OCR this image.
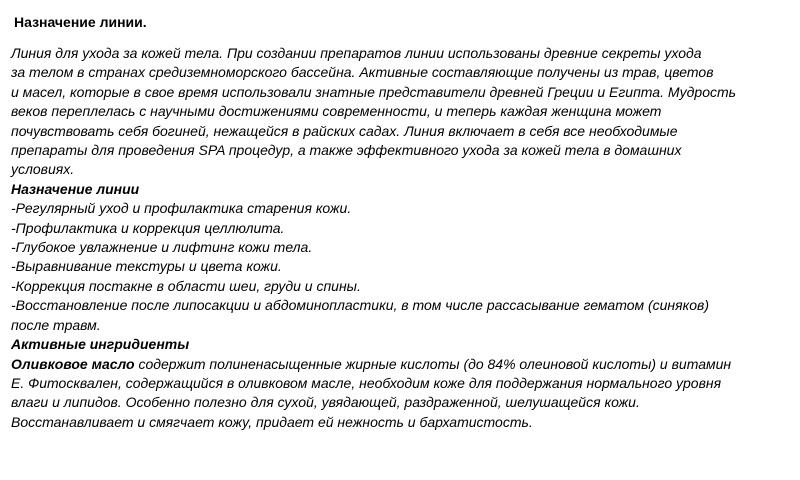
Назначение линии.
Линия для ухода за кожей тела. При создании препаратов линии использованы древние секреты ухода
за телом в странах средиземноморского бассейна. Активные составляющие получены из трав, цветов
и масел, которые в свое время использовали знатные представители древней Греции и Египта. Мудрость
веков переплелась с научными достижениями современности, и теперь каждая женщина может
почувствовать себя богиней, нежащейся в райских садах. Линия включает в себя все необходимые
препараты для проведения SPA процедур, а также эффективного ухода за кожей тела в домашних
условиях.
Назначение линии
-Регулярный уход и профилактика старения кожи.
-Профилактика и коррекция целлюлита.
-Глубокое увлажнение и лифтинг кожи тела.
-Выравнивание текстуры и цвета кожи.
-Коррекция постакне в области шеи, груди и спины.
-Восстановление после липосакции и абдоминопластики, в том числе рассасывание гематом (синяков)
после травм.
Активные ингридиенты
Оливковое масло содержит полиненасыщенные жирные кислоты (до 84% олеиновой кислоты) и витамин
Е. Фитосквален, содержащийся в оливковом масле, необходим коже для поддержания нормального уровня
влаги и липидов. Особенно полезно для сухой, увядающей, раздраженной, шелушащейся кожи.
Восстанавливает и смягчает кожу, придает ей нежность и бархатистость.
